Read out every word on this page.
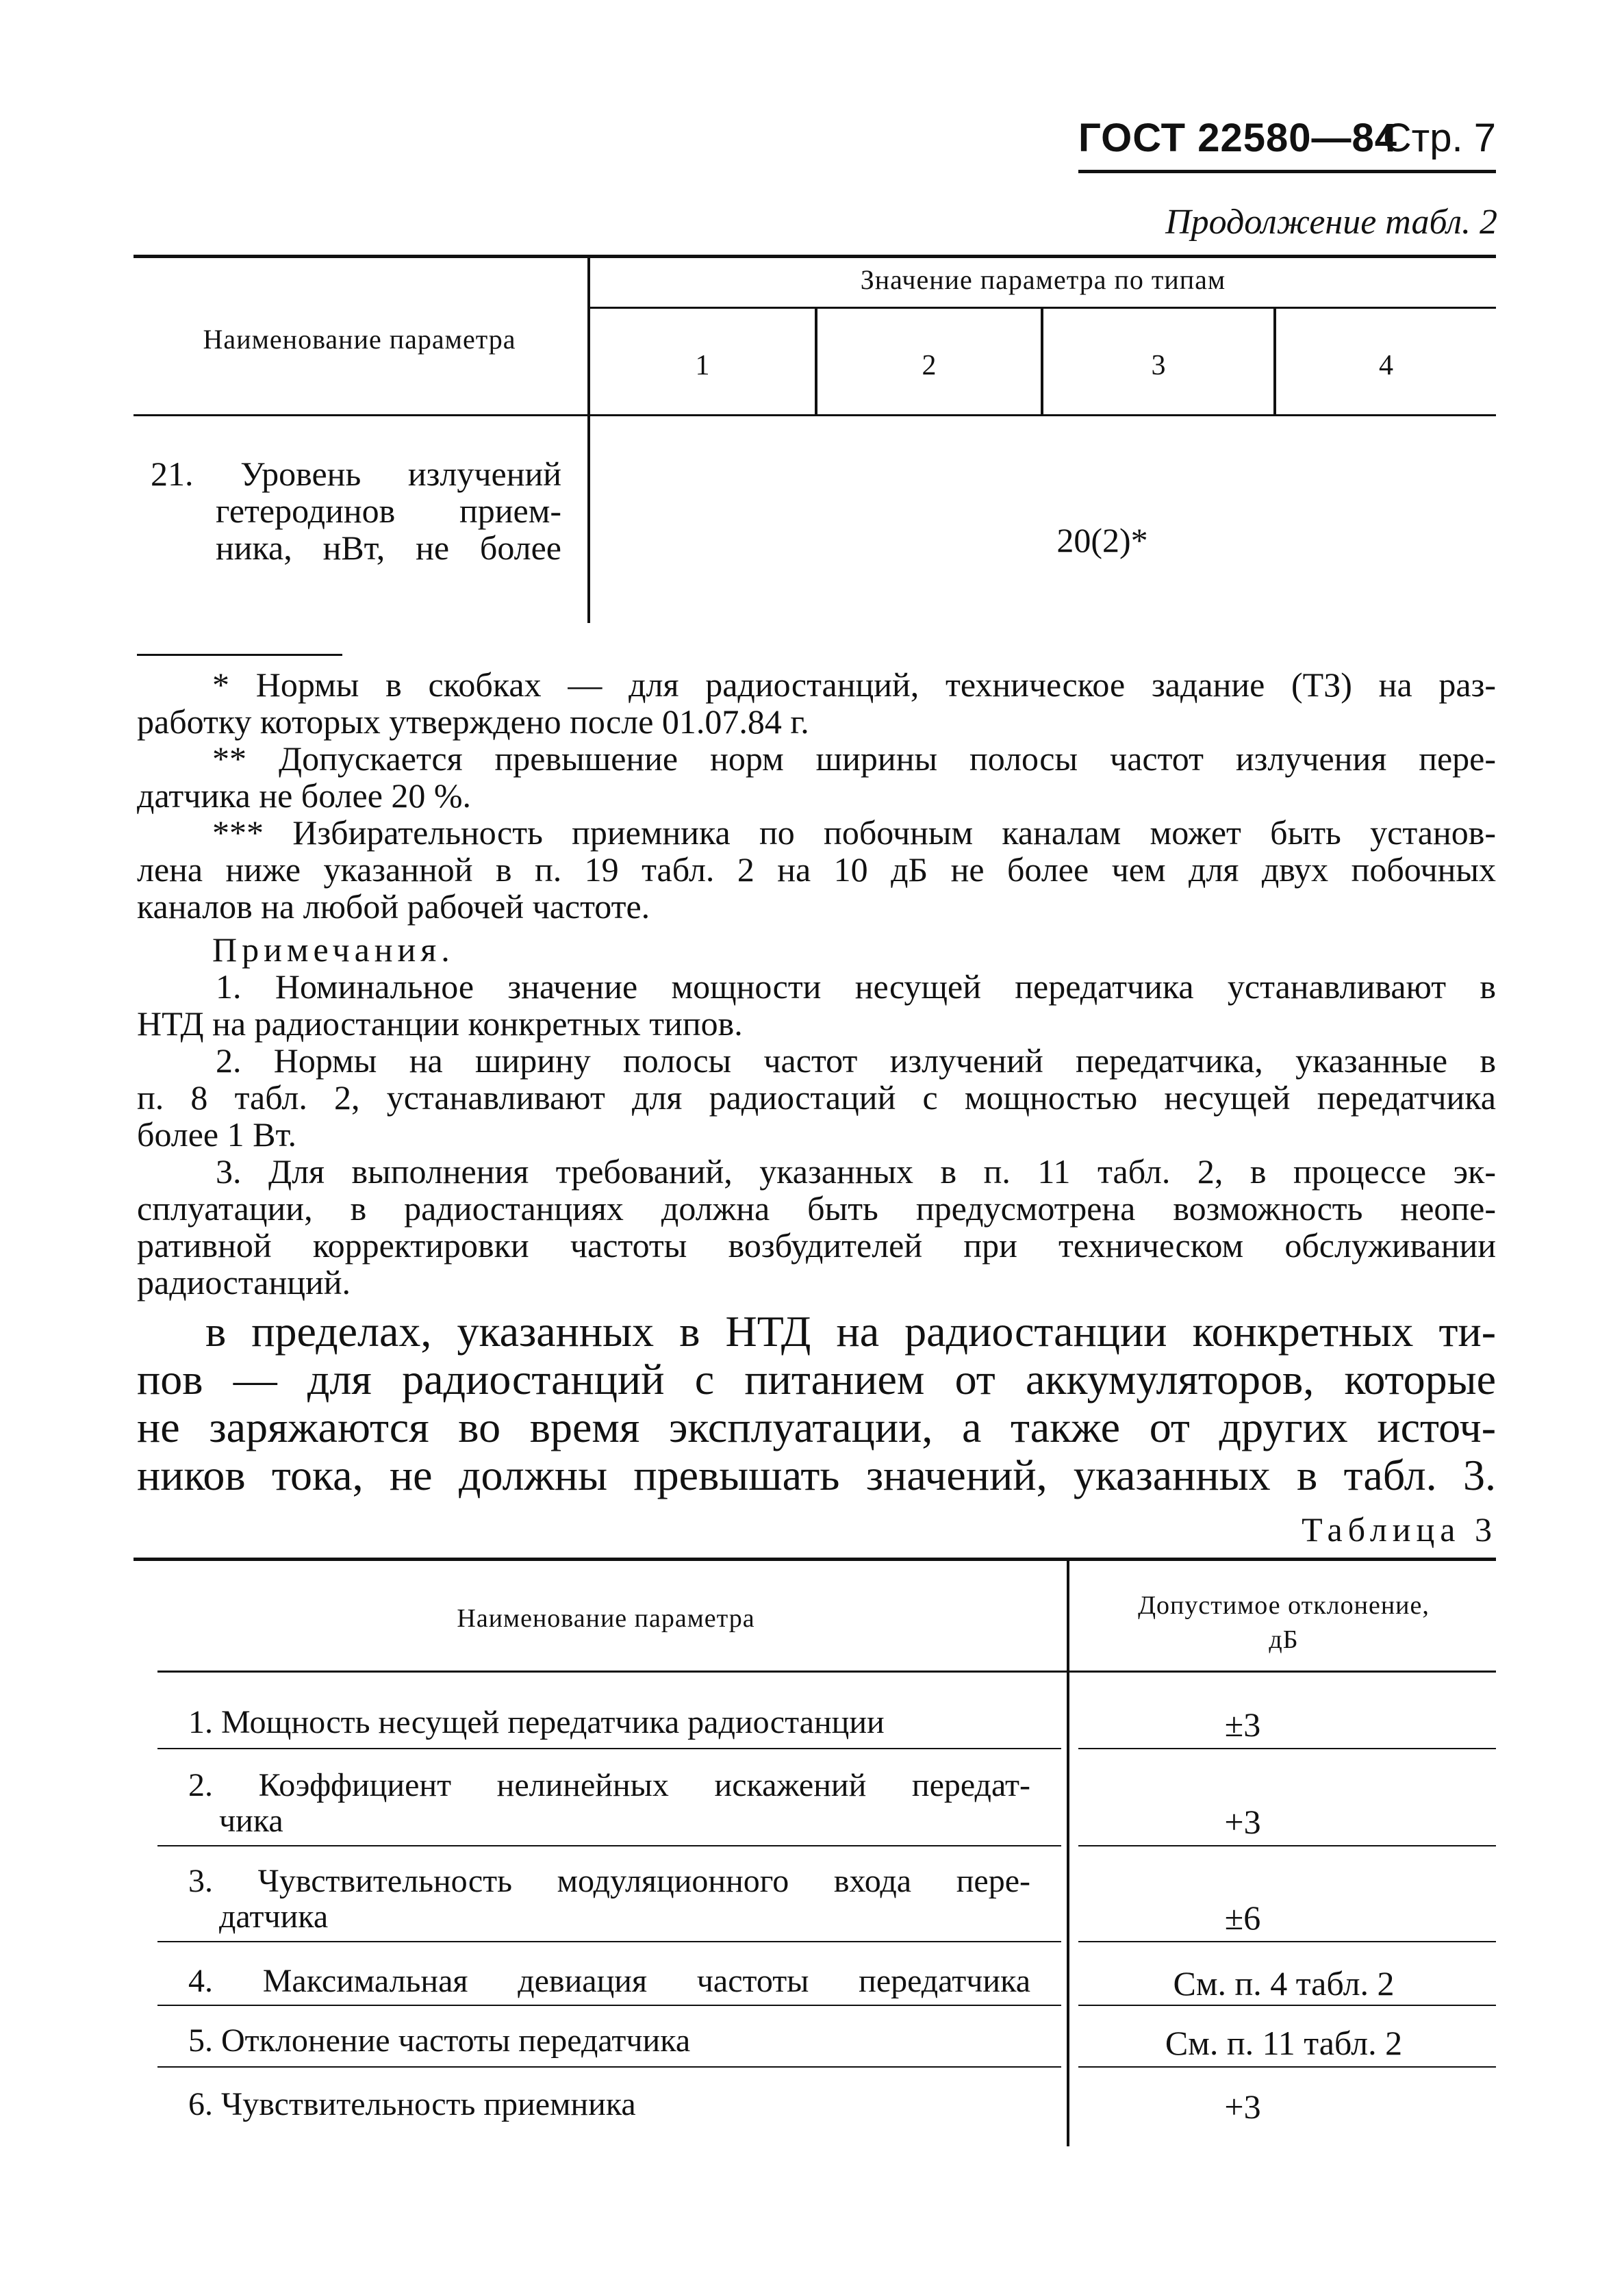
ГОСТ 22580—84
Стр. 7
Продолжение табл. 2
Наименование параметра
Значение параметра по типам
1	2	3	4
21. Уровень излучений
гетеродинов прием-
ника, нВт, не более	20(2)*
* Нормы в скобках — для радиостанций, техническое задание (ТЗ) на раз-
работку которых утверждено после 01.07.84 г.
** Допускается превышение норм ширины полосы частот излучения пере-
датчика не более 20 %.
*** Избирательность приемника по побочным каналам может быть установ-
лена ниже указанной в п. 19 табл. 2 на 10 дБ не более чем для двух побочных
каналов на любой рабочей частоте.
Примечания.
1. Номинальное значение мощности несущей передатчика устанавливают в
НТД на радиостанции конкретных типов.
2. Нормы на ширину полосы частот излучений передатчика, указанные в
п. 8 табл. 2, устанавливают для радиостаций с мощностью несущей передатчика
более 1 Вт.
3. Для выполнения требований, указанных в п. 11 табл. 2, в процессе эк-
сплуатации, в радиостанциях должна быть предусмотрена возможность неопе-
ративной корректировки частоты возбудителей при техническом обслуживании
радиостанций.
в пределах, указанных в НТД на радиостанции конкретных ти-
пов — для радиостанций с питанием от аккумуляторов, которые
не заряжаются во время эксплуатации, а также от других источ-
ников тока, не должны превышать значений, указанных в табл. 3.
Таблица 3
Наименование параметра	Допустимое отклонение,
дБ
1. Мощность несущей передатчика радиостанции	±3
2. Коэффициент нелинейных искажений передат-
чика	+3
3. Чувствительность модуляционного входа пере-
датчика	±6
4. Максимальная девиация частоты передатчика	См. п. 4 табл. 2
5. Отклонение частоты передатчика	См. п. 11 табл. 2
6. Чувствительность приемника	+3
